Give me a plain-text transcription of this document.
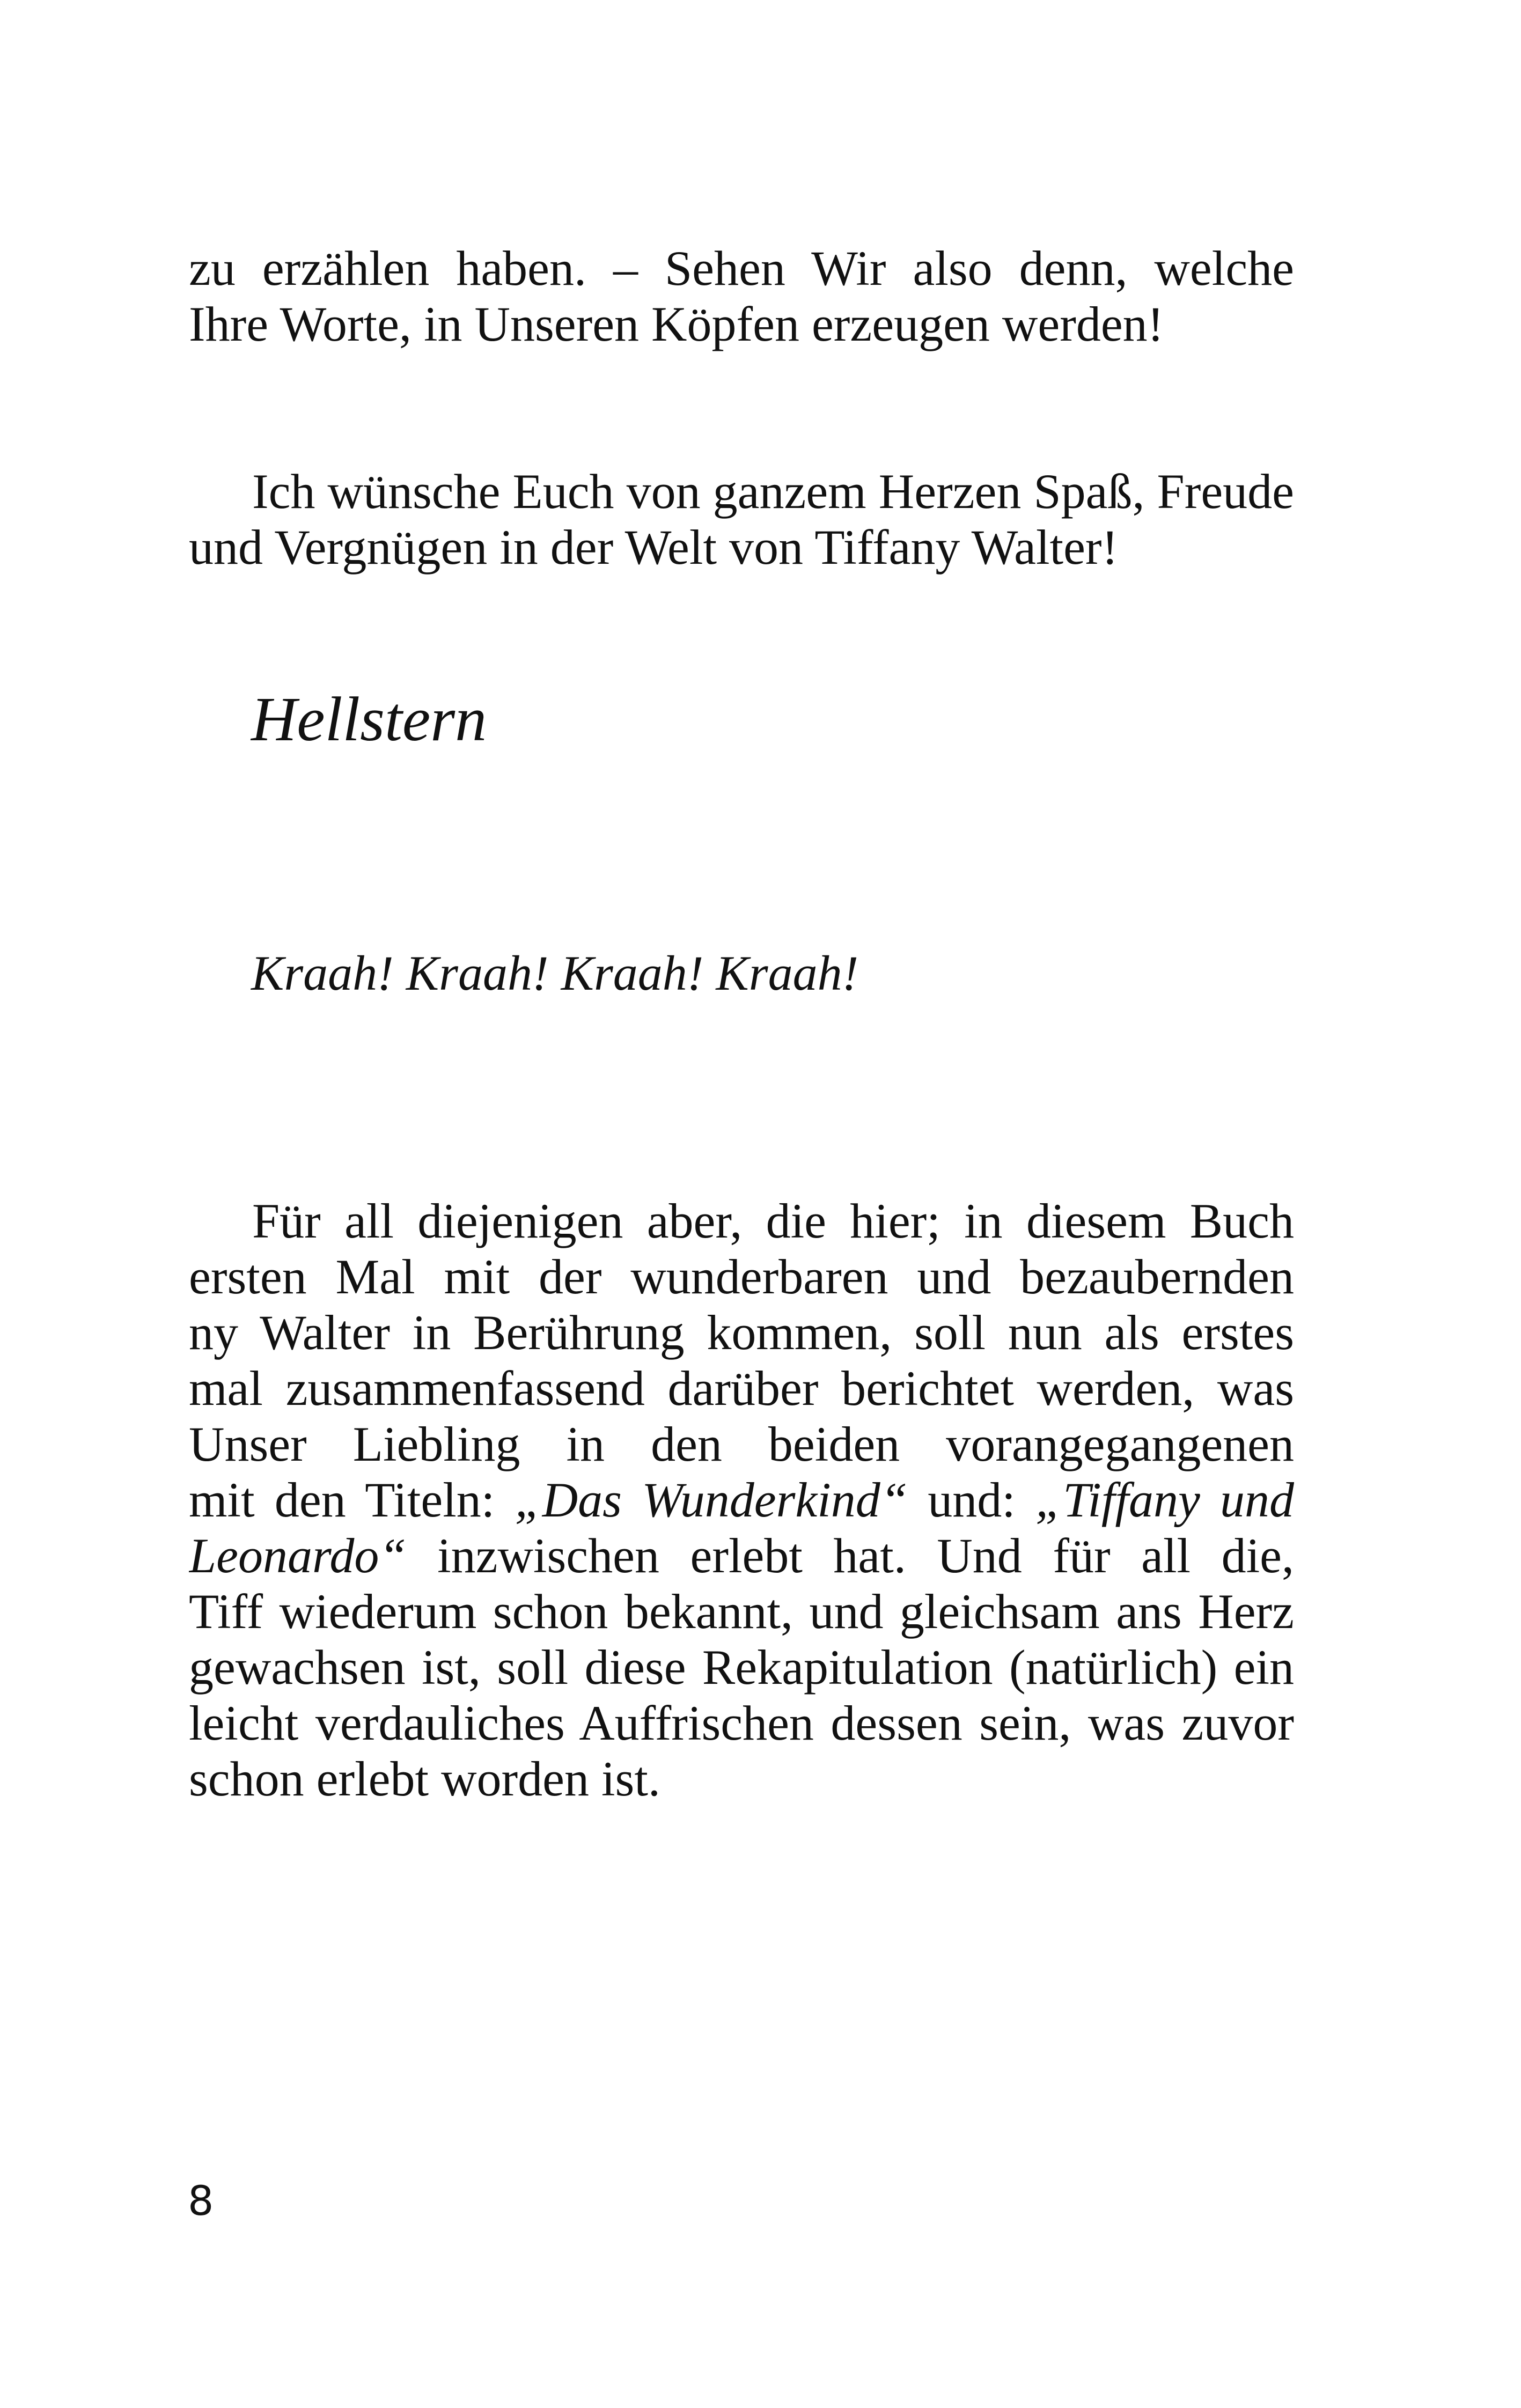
zu erzählen haben. – Sehen Wir also denn, welche
Ihre Worte, in Unseren Köpfen erzeugen werden!
Ich wünsche Euch von ganzem Herzen Spaß, Freude
und Vergnügen in der Welt von Tiffany Walter!
Hellstern
Kraah! Kraah! Kraah! Kraah!
Für all diejenigen aber, die hier; in diesem Buch
ersten Mal mit der wunderbaren und bezaubernden
ny Walter in Berührung kommen, soll nun als erstes
mal zusammenfassend darüber berichtet werden, was
Unser Liebling in den beiden vorangegangenen
mit den Titeln: „Das Wunderkind“ und: „Tiffany und
Leonardo“ inzwischen erlebt hat. Und für all die,
Tiff wiederum schon bekannt, und gleichsam ans Herz
gewachsen ist, soll diese Rekapitulation (natürlich) ein
leicht verdauliches Auffrischen dessen sein, was zuvor
schon erlebt worden ist.
8
